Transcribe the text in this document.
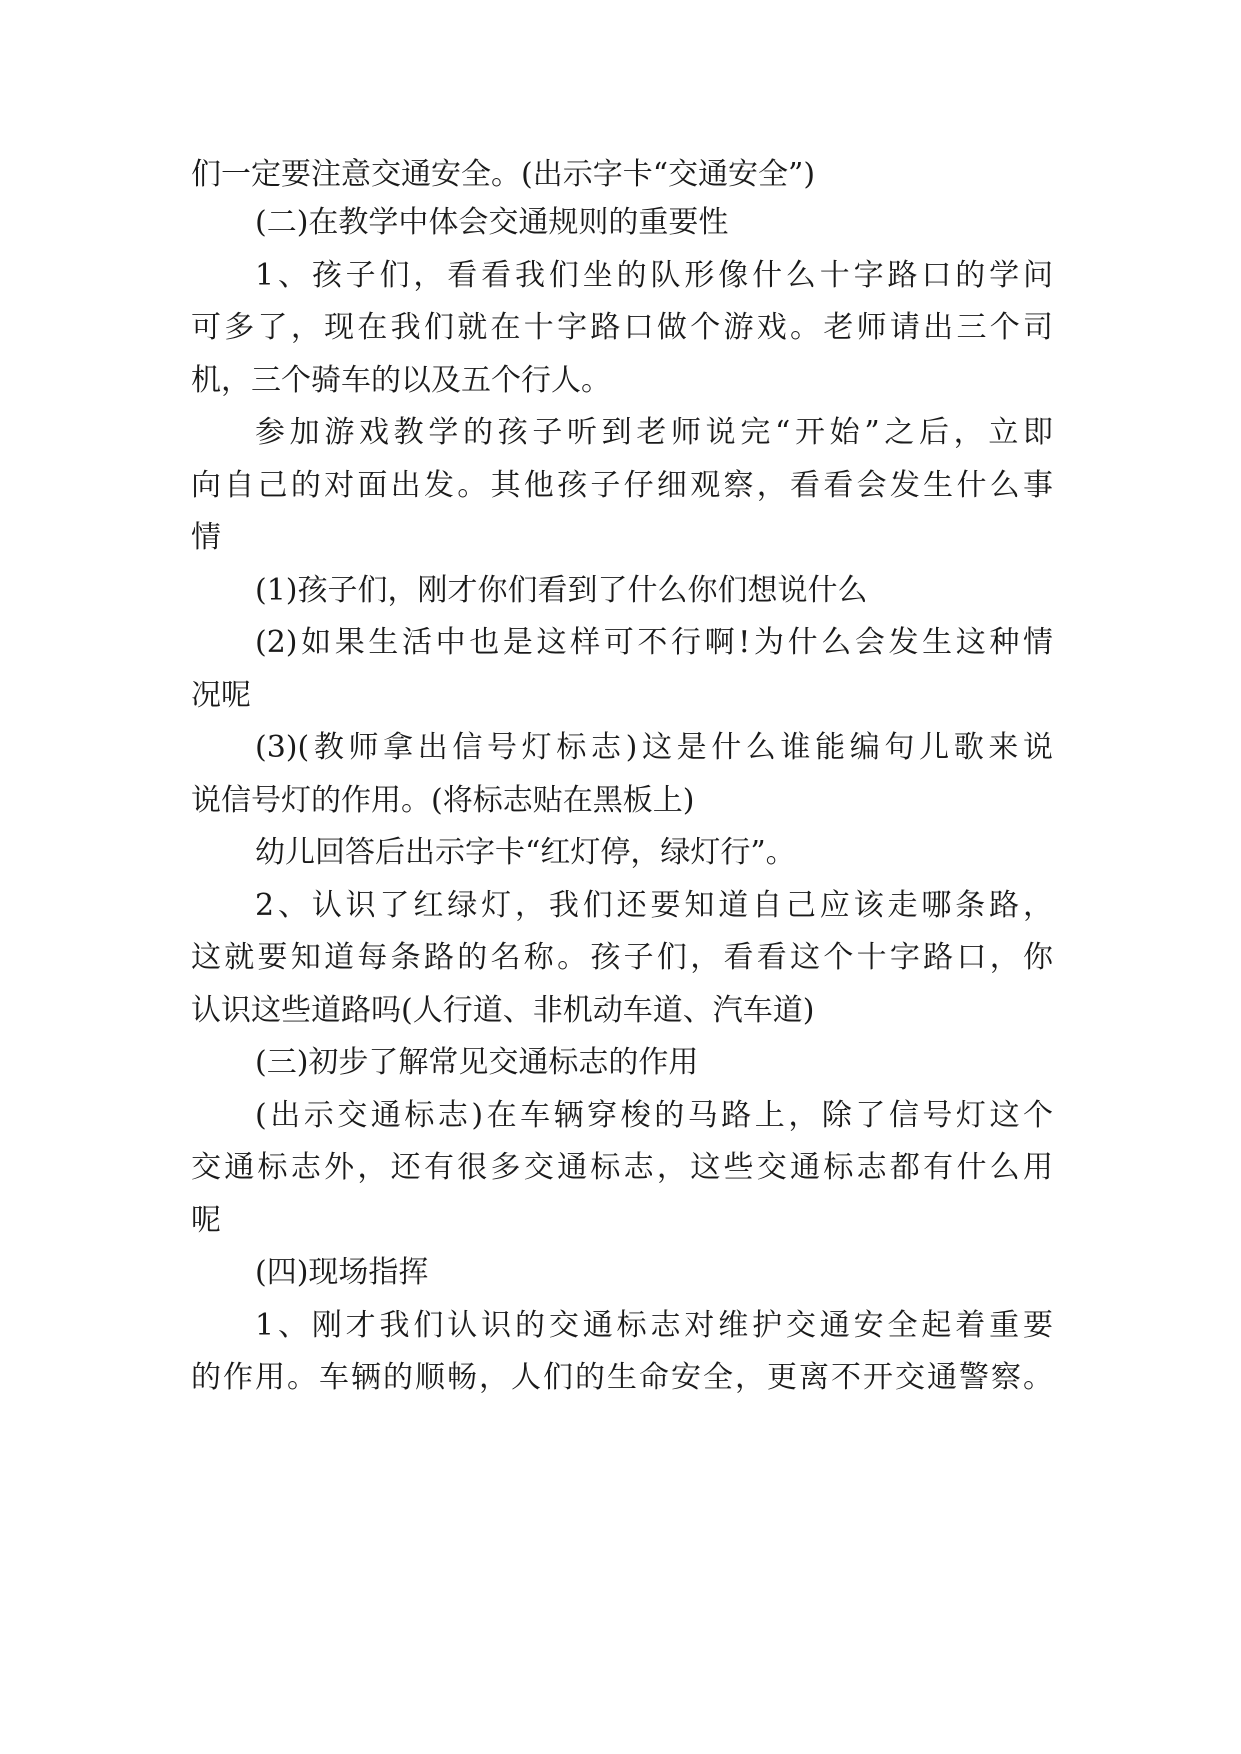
们一定要注意交通安全。(出示字卡“交通安全”)
(二)在教学中体会交通规则的重要性
1、孩子们，看看我们坐的队形像什么十字路口的学问
可多了，现在我们就在十字路口做个游戏。老师请出三个司
机，三个骑车的以及五个行人。
参加游戏教学的孩子听到老师说完“开始”之后，立即
向自己的对面出发。其他孩子仔细观察，看看会发生什么事
情
(1)孩子们，刚才你们看到了什么你们想说什么
(2)如果生活中也是这样可不行啊!为什么会发生这种情
况呢
(3)(教师拿出信号灯标志)这是什么谁能编句儿歌来说
说信号灯的作用。(将标志贴在黑板上)
幼儿回答后出示字卡“红灯停，绿灯行”。
2、认识了红绿灯，我们还要知道自己应该走哪条路，
这就要知道每条路的名称。孩子们，看看这个十字路口，你
认识这些道路吗(人行道、非机动车道、汽车道)
(三)初步了解常见交通标志的作用
(出示交通标志)在车辆穿梭的马路上，除了信号灯这个
交通标志外，还有很多交通标志，这些交通标志都有什么用
呢
(四)现场指挥
1、刚才我们认识的交通标志对维护交通安全起着重要
的作用。车辆的顺畅，人们的生命安全，更离不开交通警察。
